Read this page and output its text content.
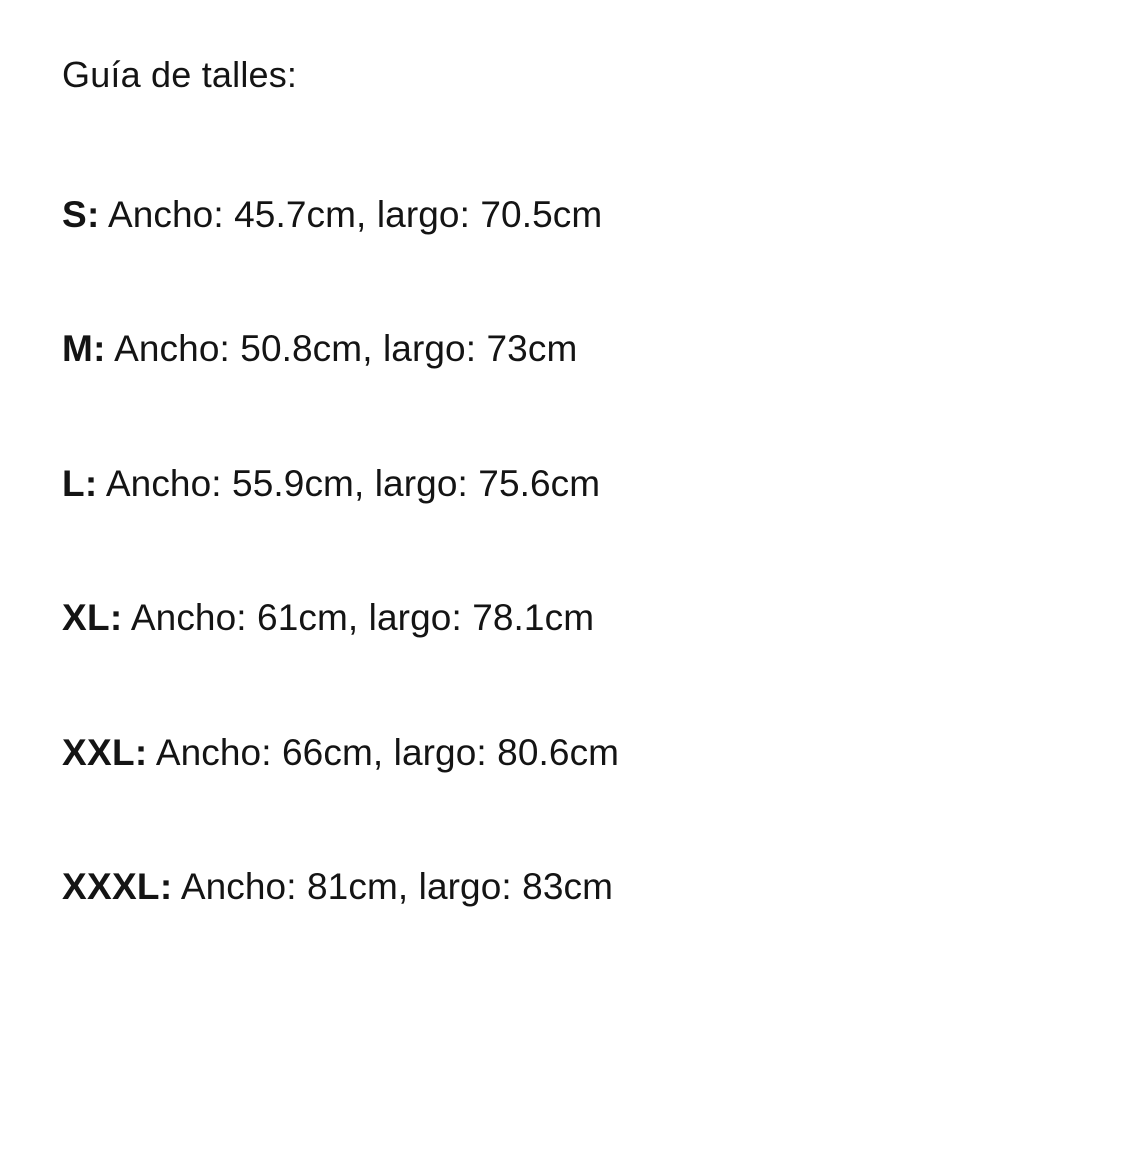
Guía de talles:

S: Ancho: 45.7cm, largo: 70.5cm
M: Ancho: 50.8cm, largo: 73cm
L: Ancho: 55.9cm, largo: 75.6cm
XL: Ancho: 61cm, largo: 78.1cm
XXL: Ancho: 66cm, largo: 80.6cm
XXXL: Ancho: 81cm, largo: 83cm
